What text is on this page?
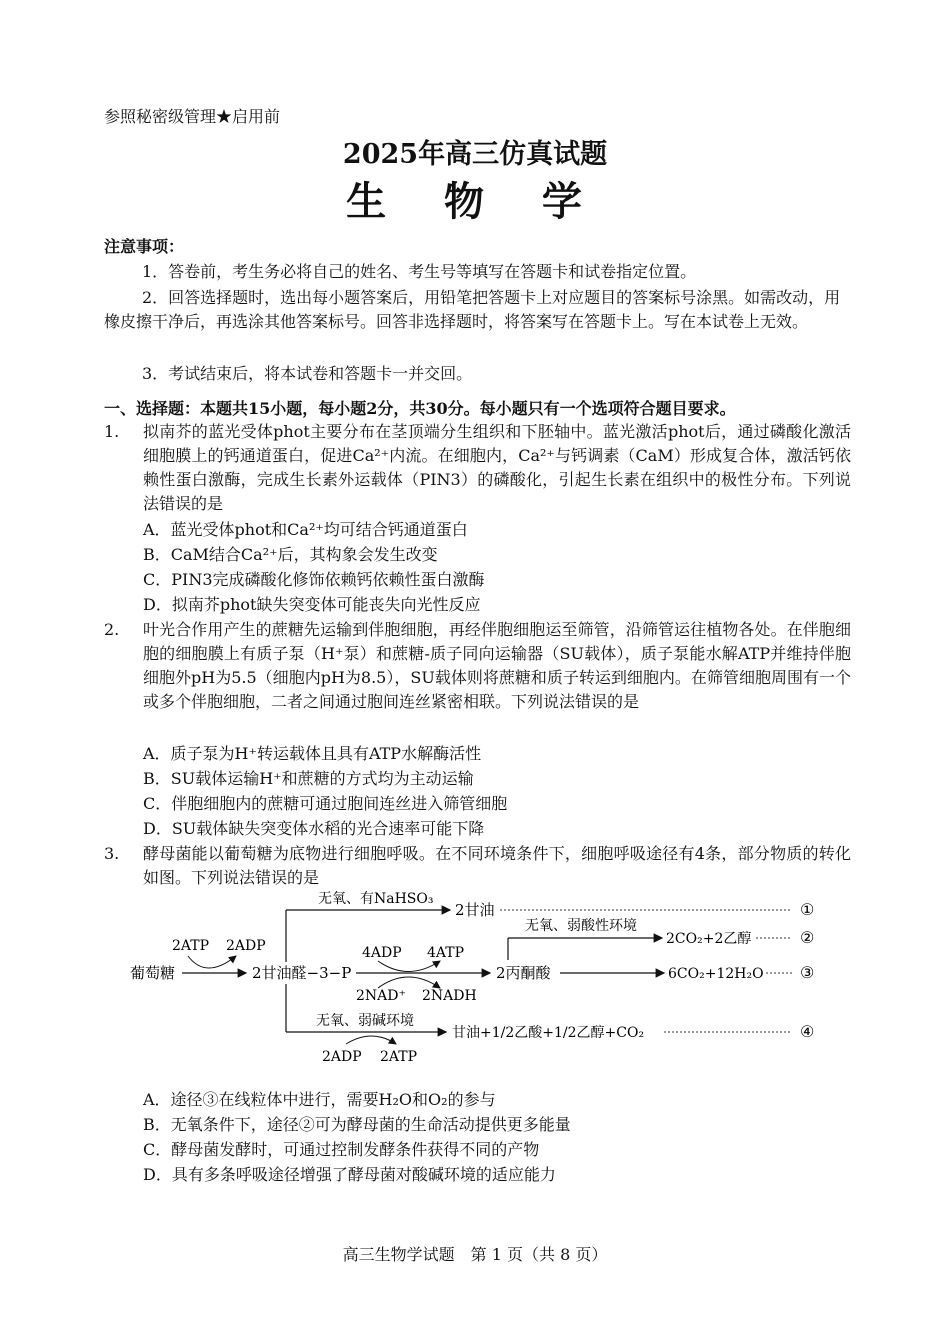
参照秘密级管理★启用前
2025年高三仿真试题
生 物 学
注意事项：
1．答卷前，考生务必将自己的姓名、考生号等填写在答题卡和试卷指定位置。
2．回答选择题时，选出每小题答案后，用铅笔把答题卡上对应题目的答案标号涂黑。如需改动，用橡皮擦干净后，再选涂其他答案标号。回答非选择题时，将答案写在答题卡上。写在本试卷上无效。
3．考试结束后，将本试卷和答题卡一并交回。
一、选择题：本题共15小题，每小题2分，共30分。每小题只有一个选项符合题目要求。
1. 拟南芥的蓝光受体phot主要分布在茎顶端分生组织和下胚轴中。蓝光激活phot后，通过磷酸化激活细胞膜上的钙通道蛋白，促进Ca²⁺内流。在细胞内，Ca²⁺与钙调素（CaM）形成复合体，激活钙依赖性蛋白激酶，完成生长素外运载体（PIN3）的磷酸化，引起生长素在组织中的极性分布。下列说法错误的是
A．蓝光受体phot和Ca²⁺均可结合钙通道蛋白
B．CaM结合Ca²⁺后，其构象会发生改变
C．PIN3完成磷酸化修饰依赖钙依赖性蛋白激酶
D．拟南芥phot缺失突变体可能丧失向光性反应
2. 叶光合作用产生的蔗糖先运输到伴胞细胞，再经伴胞细胞运至筛管，沿筛管运往植物各处。在伴胞细胞的细胞膜上有质子泵（H⁺泵）和蔗糖-质子同向运输器（SU载体），质子泵能水解ATP并维持伴胞细胞外pH为5.5（细胞内pH为8.5），SU载体则将蔗糖和质子转运到细胞内。在筛管细胞周围有一个或多个伴胞细胞，二者之间通过胞间连丝紧密相联。下列说法错误的是
A．质子泵为H⁺转运载体且具有ATP水解酶活性
B．SU载体运输H⁺和蔗糖的方式均为主动运输
C．伴胞细胞内的蔗糖可通过胞间连丝进入筛管细胞
D．SU载体缺失突变体水稻的光合速率可能下降
3. 酵母菌能以葡萄糖为底物进行细胞呼吸。在不同环境条件下，细胞呼吸途径有4条，部分物质的转化如图。下列说法错误的是
葡萄糖
2ATP 2ADP
2甘油醛−3−P
无氧、有NaHSO₃
2甘油	①
4ADP 4ATP
2NAD⁺ 2NADH
2丙酮酸
无氧、弱酸性环境
2CO₂+2乙醇	②
6CO₂+12H₂O ③
无氧、弱碱环境
甘油+1/2乙酸+1/2乙醇+CO₂	④
2ADP 2ATP
A．途径③在线粒体中进行，需要H₂O和O₂的参与
B．无氧条件下，途径②可为酵母菌的生命活动提供更多能量
C．酵母菌发酵时，可通过控制发酵条件获得不同的产物
D．具有多条呼吸途径增强了酵母菌对酸碱环境的适应能力
高三生物学试题　第 1 页（共 8 页）
